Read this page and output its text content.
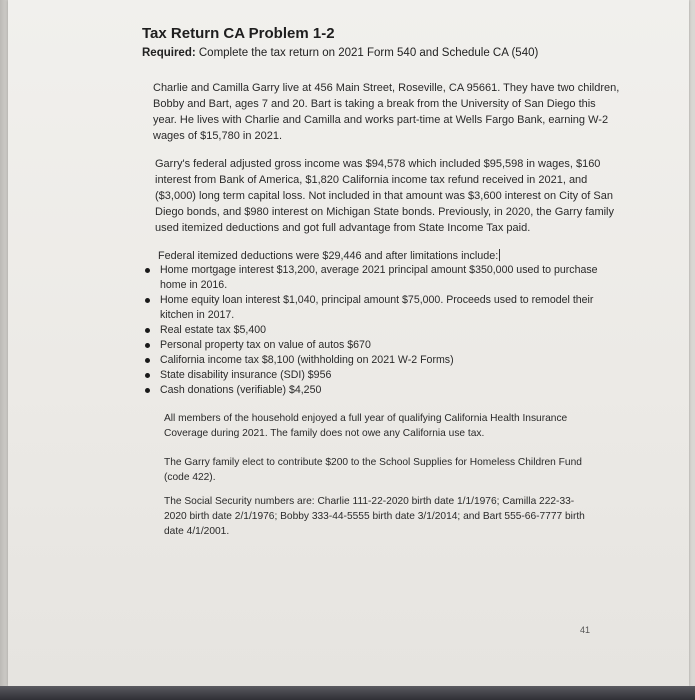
Tax Return CA Problem 1-2
Required: Complete the tax return on 2021 Form 540 and Schedule CA (540)
Charlie and Camilla Garry live at 456 Main Street, Roseville, CA 95661. They have two children,
Bobby and Bart, ages 7 and 20. Bart is taking a break from the University of San Diego this
year. He lives with Charlie and Camilla and works part-time at Wells Fargo Bank, earning W-2
wages of $15,780 in 2021.
Garry's federal adjusted gross income was $94,578 which included $95,598 in wages, $160
interest from Bank of America, $1,820 California income tax refund received in 2021, and
($3,000) long term capital loss. Not included in that amount was $3,600 interest on City of San
Diego bonds, and $980 interest on Michigan State bonds. Previously, in 2020, the Garry family
used itemized deductions and got full advantage from State Income Tax paid.
Federal itemized deductions were $29,446 and after limitations include:
Home mortgage interest $13,200, average 2021 principal amount $350,000 used to purchase
home in 2016.
Home equity loan interest $1,040, principal amount $75,000. Proceeds used to remodel their
kitchen in 2017.
Real estate tax $5,400
Personal property tax on value of autos $670
California income tax $8,100 (withholding on 2021 W-2 Forms)
State disability insurance (SDI) $956
Cash donations (verifiable) $4,250
All members of the household enjoyed a full year of qualifying California Health Insurance
Coverage during 2021. The family does not owe any California use tax.
The Garry family elect to contribute $200 to the School Supplies for Homeless Children Fund
(code 422).
The Social Security numbers are: Charlie 111-22-2020 birth date 1/1/1976; Camilla 222-33-
2020 birth date 2/1/1976; Bobby 333-44-5555 birth date 3/1/2014; and Bart 555-66-7777 birth
date 4/1/2001.
41
